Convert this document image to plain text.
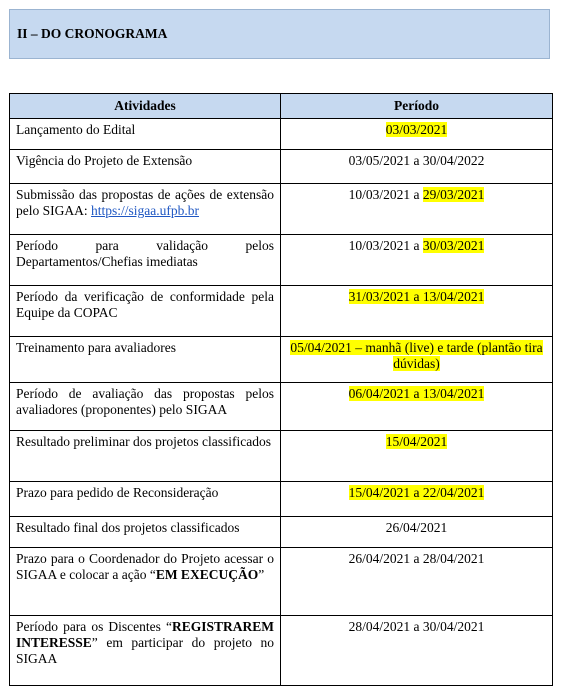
II – DO CRONOGRAMA
Atividades	Período
Lançamento do Edital	03/03/2021
Vigência do Projeto de Extensão	03/05/2021 a 30/04/2022
Submissão das propostas de ações de extensão pelo SIGAA: https://sigaa.ufpb.br	10/03/2021 a 29/03/2021
Período para validação pelos Departamentos/Chefias imediatas	10/03/2021 a 30/03/2021
Período da verificação de conformidade pela Equipe da COPAC	31/03/2021 a 13/04/2021
Treinamento para avaliadores	05/04/2021 – manhã (live) e tarde (plantão tira dúvidas)
Período de avaliação das propostas pelos avaliadores (proponentes) pelo SIGAA	06/04/2021 a 13/04/2021
Resultado preliminar dos projetos classificados	15/04/2021
Prazo para pedido de Reconsideração	15/04/2021 a 22/04/2021
Resultado final dos projetos classificados	26/04/2021
Prazo para o Coordenador do Projeto acessar o SIGAA e colocar a ação “EM EXECUÇÃO”	26/04/2021 a 28/04/2021
Período para os Discentes “REGISTRAREM INTERESSE” em participar do projeto no SIGAA	28/04/2021 a 30/04/2021
